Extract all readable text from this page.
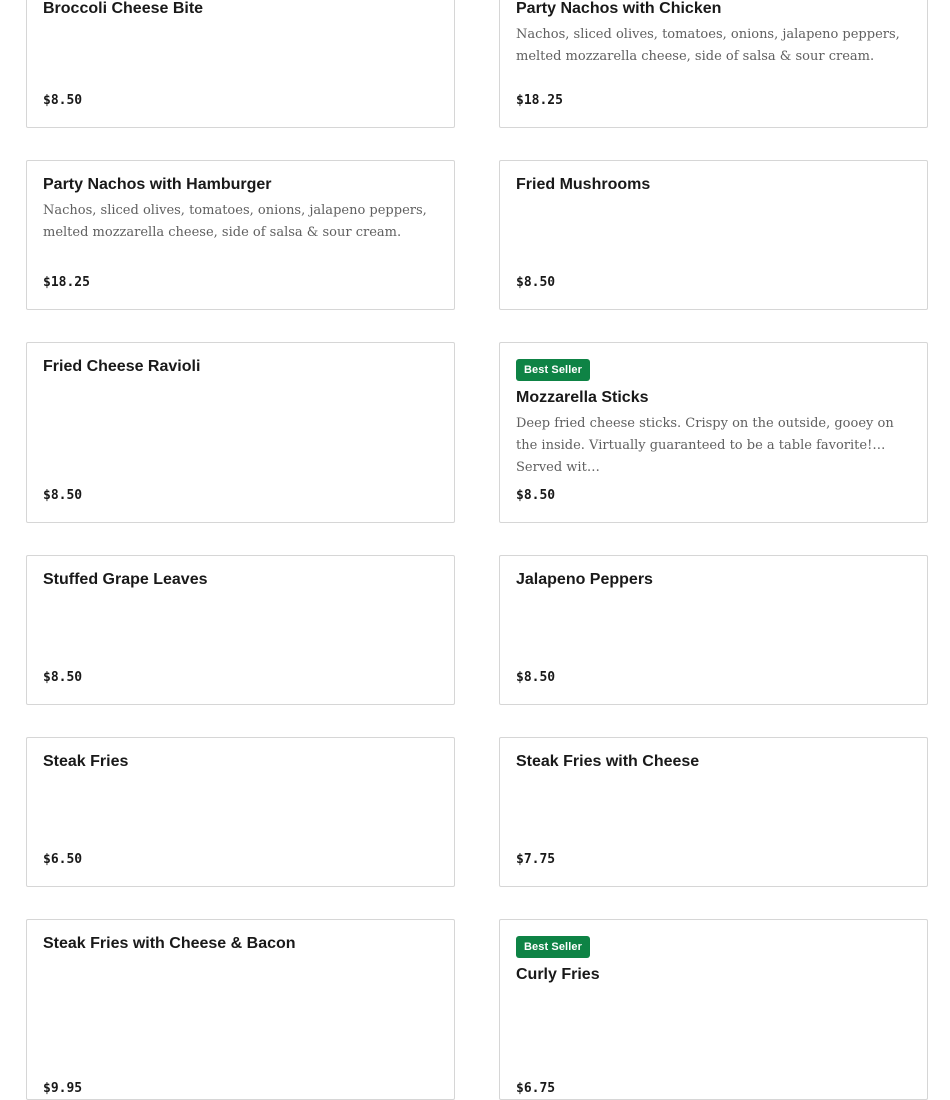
Broccoli Cheese Bite
$8.50
Party Nachos with Chicken
Nachos, sliced olives, tomatoes, onions, jalapeno peppers, melted mozzarella cheese, side of salsa & sour cream.
$18.25
Party Nachos with Hamburger
Nachos, sliced olives, tomatoes, onions, jalapeno peppers, melted mozzarella cheese, side of salsa & sour cream.
$18.25
Fried Mushrooms
$8.50
Fried Cheese Ravioli
$8.50
Best Seller
Mozzarella Sticks
Deep fried cheese sticks. Crispy on the outside, gooey on the inside. Virtually guaranteed to be a table favorite! Served wit…
$8.50
Stuffed Grape Leaves
$8.50
Jalapeno Peppers
$8.50
Steak Fries
$6.50
Steak Fries with Cheese
$7.75
Steak Fries with Cheese & Bacon
$9.95
Best Seller
Curly Fries
$6.75
